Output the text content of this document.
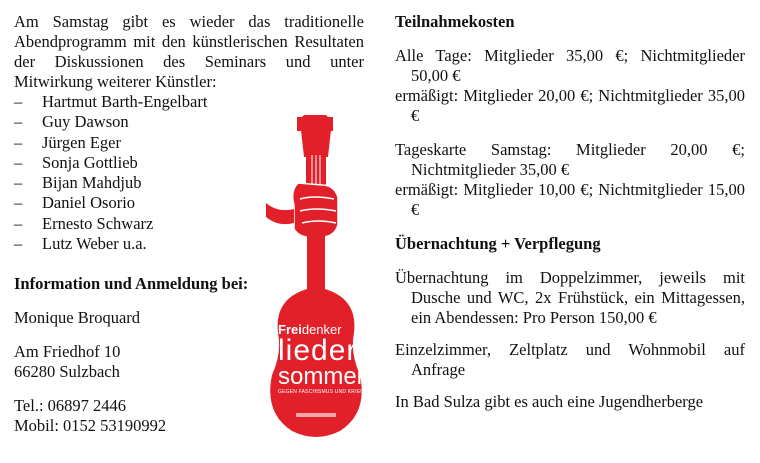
Am Samstag gibt es wieder das traditionelle Abendprogramm mit den künstlerischen Resultaten der Diskussionen des Seminars und unter Mitwirkung weiterer Künstler:

– Hartmut Barth-Engelbart
– Guy Dawson
– Jürgen Eger
– Sonja Gottlieb
– Bijan Mahdjub
– Daniel Osorio
– Ernesto Schwarz
– Lutz Weber u.a.

Information und Anmeldung bei:

Monique Broquard

Am Friedhof 10

66280 Sulzbach

Tel.: 06897 2446

Mobil: 0152 53190992

Freidenker
lieder
sommer
GEGEN FASCHISMUS UND KRIEG

Teilnahmekosten

Alle Tage: Mitglieder 35,00 €; Nichtmitglieder 50,00 €

ermäßigt: Mitglieder 20,00 €; Nichtmitglieder 35,00 €

Tageskarte Samstag: Mitglieder 20,00 €; Nichtmitglieder 35,00 €

ermäßigt: Mitglieder 10,00 €; Nichtmitglieder 15,00 €

Übernachtung + Verpflegung

Übernachtung im Doppelzimmer, jeweils mit Dusche und WC, 2x Frühstück, ein Mittagessen, ein Abendessen: Pro Person 150,00 €

Einzelzimmer, Zeltplatz und Wohnmobil auf Anfrage

In Bad Sulza gibt es auch eine Jugendherberge
